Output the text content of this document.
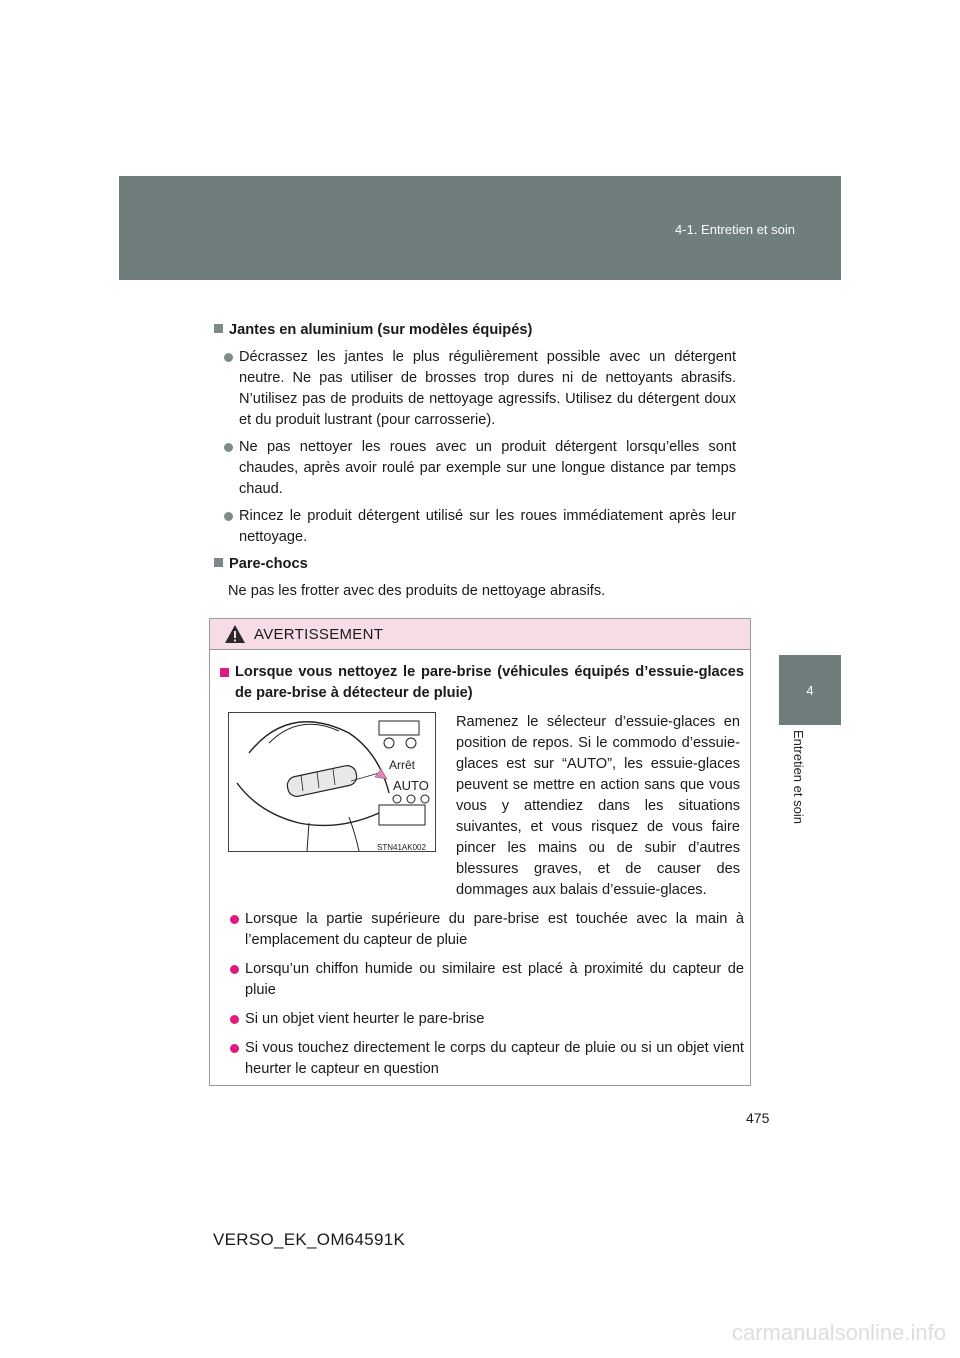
4-1. Entretien et soin
4
Entretien et soin
Jantes en aluminium (sur modèles équipés)
Décrassez les jantes le plus régulièrement possible avec un détergent neutre. Ne pas utiliser de brosses trop dures ni de nettoyants abrasifs. N’utilisez pas de produits de nettoyage agressifs. Utilisez du détergent doux et du produit lustrant (pour carrosserie).
Ne pas nettoyer les roues avec un produit détergent lorsqu’elles sont chaudes, après avoir roulé par exemple sur une longue distance par temps chaud.
Rincez le produit détergent utilisé sur les roues immédiatement après leur nettoyage.
Pare-chocs
Ne pas les frotter avec des produits de nettoyage abrasifs.
AVERTISSEMENT
Lorsque vous nettoyez le pare-brise (véhicules équipés d’essuie-glaces de pare-brise à détecteur de pluie)
Arrêt
AUTO
STN41AK002
Ramenez le sélecteur d’essuie-glaces en position de repos. Si le commodo d’essuie-glaces est sur “AUTO”, les essuie-glaces peuvent se mettre en action sans que vous vous y attendiez dans les situations suivantes, et vous risquez de vous faire pincer les mains ou de subir d’autres blessures graves, et de causer des dommages aux balais d’essuie-glaces.
Lorsque la partie supérieure du pare-brise est touchée avec la main à l’emplacement du capteur de pluie
Lorsqu’un chiffon humide ou similaire est placé à proximité du capteur de pluie
Si un objet vient heurter le pare-brise
Si vous touchez directement le corps du capteur de pluie ou si un objet vient heurter le capteur en question
475
VERSO_EK_OM64591K
carmanualsonline.info
